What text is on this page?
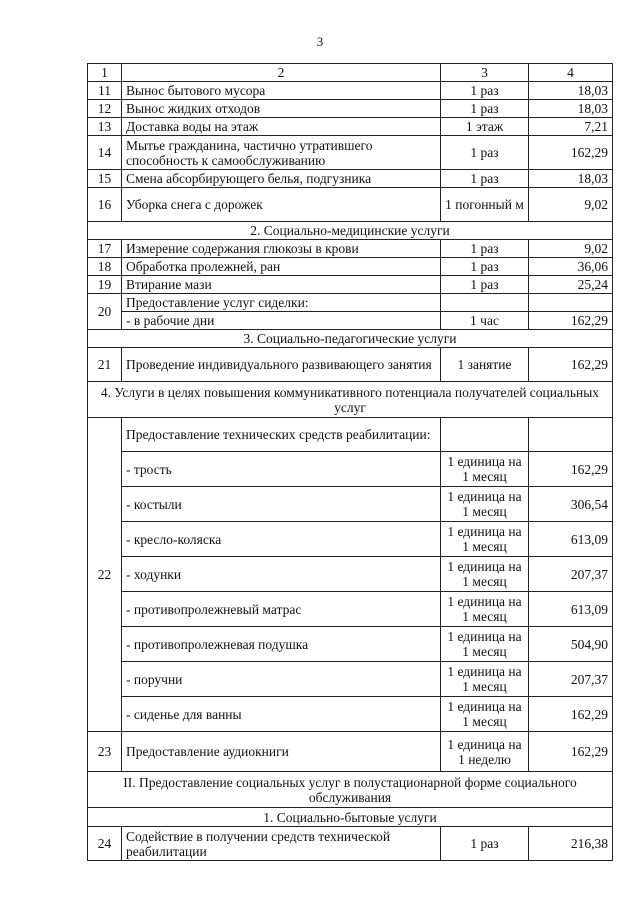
3
1	2	3	4
11	Вынос бытового мусора	1 раз	18,03
12	Вынос жидких отходов	1 раз	18,03
13	Доставка воды на этаж	1 этаж	7,21
14	Мытье гражданина, частично утратившего способность к самообслуживанию	1 раз	162,29
15	Смена абсорбирующего белья, подгузника	1 раз	18,03
16	Уборка снега с дорожек	1 погонный м	9,02
2. Социально-медицинские услуги			
17	Измерение содержания глюкозы в крови	1 раз	9,02
18	Обработка пролежней, ран	1 раз	36,06
19	Втирание мази	1 раз	25,24
20	Предоставление услуг сиделки:		
	- в рабочие дни	1 час	162,29
3. Социально-педагогические услуги			
21	Проведение индивидуального развивающего занятия	1 занятие	162,29
4. Услуги в целях повышения коммуникативного потенциала получателей социальных услуг			
22	Предоставление технических средств реабилитации:		
	- трость	1 единица на 1 месяц	162,29
	- костыли	1 единица на 1 месяц	306,54
	- кресло-коляска	1 единица на 1 месяц	613,09
	- ходунки	1 единица на 1 месяц	207,37
	- противопролежневый матрас	1 единица на 1 месяц	613,09
	- противопролежневая подушка	1 единица на 1 месяц	504,90
	- поручни	1 единица на 1 месяц	207,37
	- сиденье для ванны	1 единица на 1 месяц	162,29
23	Предоставление аудиокниги	1 единица на 1 неделю	162,29
II. Предоставление социальных услуг в полустационарной форме социального обслуживания			
1. Социально-бытовые услуги			
24	Содействие в получении средств технической реабилитации	1 раз	216,38
